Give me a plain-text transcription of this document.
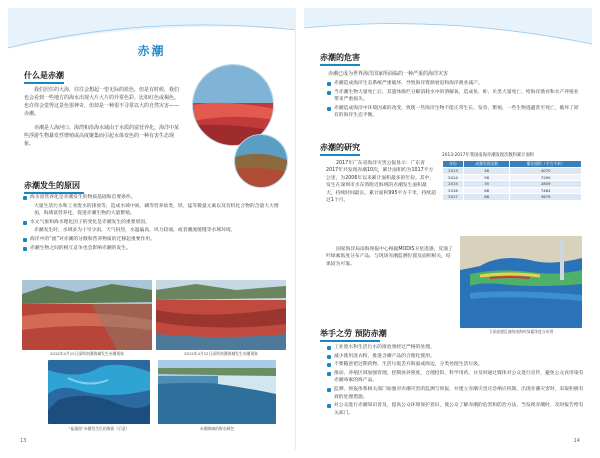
赤潮
什么是赤潮

我们居住的大海，往往会想起一望无际的蓝色，但是有时候，我们也会看到一些地方的海水出现大片大片的异常色彩，比如红色或褐色。也许你会觉得这景色很神奇，但却是一种很不寻常以大的自然灾害——赤潮。

赤潮是人海河口、海湾和沿海水域由于水质的富营养化，海洋中某些浮游生物暴发性增殖或高度聚集而引起水体变色的一种有害生态现象。

赤潮发生的原因
海水富营养化是赤潮发生的物质基础和首要条件。
大量生活污水和工业废水的排放等，造成水域中氮、磷等营养盐类，铁、锰等微量元素以及有机化合物的含量大大增加，海域富营养化，促进赤潮生物的大量繁殖。
水文气象和海水理化因子的变化是赤潮发生的重要原因。
赤潮发生时，水域多为干旱少雨，天气闷热，水温偏高，风力较弱，或者潮流缓慢等水域环境。
海洋中的“流”对赤潮的分散和营养物质的迁移起重要作用。
赤潮生物之间的相互竞争也会影响赤潮的发生。
2012年4月12日深圳南澳海域发生赤潮现象	2012年4月12日深圳南澳海域发生赤潮现象
“盐藻茵”赤潮发生后的海面（示意）	赤潮海域的海水颜色
13
赤潮的危害

赤潮已成为世界海洋国家所面临的一种严重的海洋灾害

赤潮造成海洋生态系统严重破坏，导致海洋资源衰退和海洋渔业减产。
当赤潮生物大量死亡后，其遗体腐烂分解消耗水中的溶解氧，造成鱼、虾、贝类大量死亡，给海洋渔业和水产养殖业带来严重损失。
赤潮造成海洋中环境因素的改变，致使一些海洋生物不能正常生长、发育、繁殖，一些生物逃避甚至死亡，破坏了原有的海洋生态平衡。
赤潮的研究

2017年广东省海洋灾害公报显示：广东省2017年共发现赤潮10次，累计面积约为1017平方公里，为2006年以来累计面积最多的年份。其中，发生在深圳市水东湾附近海域的赤潮发生面积最大，持续时间最长，累计面积995平方千米，持续超过1个月。

2013-2017年我国南海赤潮发现次数和累计面积
年份	赤潮发现次数	累计面积（平方千米）
2013	46	4070
2014	56	7290
2015	35	2809
2016	68	7484
2017	68	3679

国家海洋局南海预报中心根据MODIS卫星遥感，反演了叶绿素浓度分布产品，与现场赤潮监测位置及面积相关，结果较为可靠。

卫星遥感反演的南海叶绿素浓度分布图
举手之劳 预防赤潮
工业废水和生活污水的排放须经过严格的处理。
减少使用洗衣粉，推进含磷产品的合理化使用。
不要随意把过期药物、生活垃圾丢弃海面或海边，分类处理生活垃圾。
推动、养殖区域加强管理，控制放养密度，合理投饵、科学用药，并及时通过媒体对公众进行宣传，避免公众食用染有赤潮毒素的海产品。
监测、预报体系相关部门加强对赤潮灾害的监测与预报，并建立赤潮灾害应急响应机制，出现赤潮灾害时，采取积极有效的处理措施。
对公众进行赤潮知识普及，提高公众环境保护意识，使公众了解赤潮的危害和防治方法，当发现赤潮时，及时报告给有关部门。
14
